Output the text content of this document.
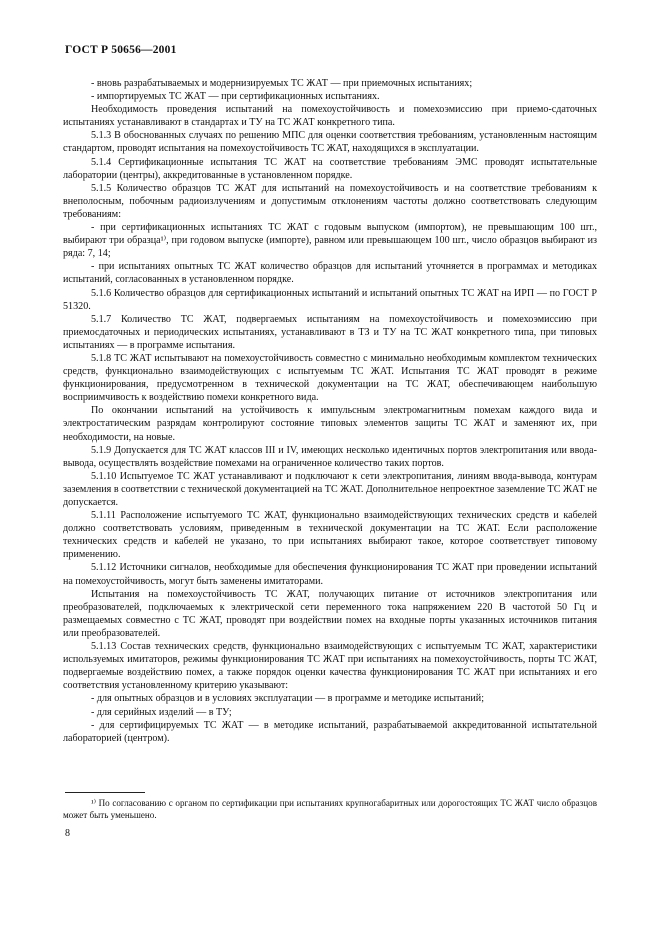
ГОСТ Р 50656—2001

- вновь разрабатываемых и модернизируемых ТС ЖАТ — при приемочных испытаниях;

- импортируемых ТС ЖАТ — при сертификационных испытаниях.

Необходимость проведения испытаний на помехоустойчивость и помехоэмиссию при приемо-сдаточных испытаниях устанавливают в стандартах и ТУ на ТС ЖАТ конкретного типа.

5.1.3 В обоснованных случаях по решению МПС для оценки соответствия требованиям, установленным настоящим стандартом, проводят испытания на помехоустойчивость ТС ЖАТ, находящихся в эксплуатации.

5.1.4 Сертификационные испытания ТС ЖАТ на соответствие требованиям ЭМС проводят испытательные лаборатории (центры), аккредитованные в установленном порядке.

5.1.5 Количество образцов ТС ЖАТ для испытаний на помехоустойчивость и на соответствие требованиям к внеполосным, побочным радиоизлучениям и допустимым отклонениям частоты должно соответствовать следующим требованиям:

- при сертификационных испытаниях ТС ЖАТ с годовым выпуском (импортом), не превышающим 100 шт., выбирают три образца¹⁾, при годовом выпуске (импорте), равном или превышающем 100 шт., число образцов выбирают из ряда: 7, 14;

- при испытаниях опытных ТС ЖАТ количество образцов для испытаний уточняется в программах и методиках испытаний, согласованных в установленном порядке.

5.1.6 Количество образцов для сертификационных испытаний и испытаний опытных ТС ЖАТ на ИРП — по ГОСТ Р 51320.

5.1.7 Количество ТС ЖАТ, подвергаемых испытаниям на помехоустойчивость и помехоэмиссию при приемосдаточных и периодических испытаниях, устанавливают в ТЗ и ТУ на ТС ЖАТ конкретного типа, при типовых испытаниях — в программе испытания.

5.1.8 ТС ЖАТ испытывают на помехоустойчивость совместно с минимально необходимым комплектом технических средств, функционально взаимодействующих с испытуемым ТС ЖАТ. Испытания ТС ЖАТ проводят в режиме функционирования, предусмотренном в технической документации на ТС ЖАТ, обеспечивающем наибольшую восприимчивость к воздействию помехи конкретного вида.

По окончании испытаний на устойчивость к импульсным электромагнитным помехам каждого вида и электростатическим разрядам контролируют состояние типовых элементов защиты ТС ЖАТ и заменяют их, при необходимости, на новые.

5.1.9 Допускается для ТС ЖАТ классов III и IV, имеющих несколько идентичных портов электропитания или ввода-вывода, осуществлять воздействие помехами на ограниченное количество таких портов.

5.1.10 Испытуемое ТС ЖАТ устанавливают и подключают к сети электропитания, линиям ввода-вывода, контурам заземления в соответствии с технической документацией на ТС ЖАТ. Дополнительное непроектное заземление ТС ЖАТ не допускается.

5.1.11 Расположение испытуемого ТС ЖАТ, функционально взаимодействующих технических средств и кабелей должно соответствовать условиям, приведенным в технической документации на ТС ЖАТ. Если расположение технических средств и кабелей не указано, то при испытаниях выбирают такое, которое соответствует типовому применению.

5.1.12 Источники сигналов, необходимые для обеспечения функционирования ТС ЖАТ при проведении испытаний на помехоустойчивость, могут быть заменены имитаторами.

Испытания на помехоустойчивость ТС ЖАТ, получающих питание от источников электропитания или преобразователей, подключаемых к электрической сети переменного тока напряжением 220 В частотой 50 Гц и размещаемых совместно с ТС ЖАТ, проводят при воздействии помех на входные порты указанных источников питания или преобразователей.

5.1.13 Состав технических средств, функционально взаимодействующих с испытуемым ТС ЖАТ, характеристики используемых имитаторов, режимы функционирования ТС ЖАТ при испытаниях на помехоустойчивость, порты ТС ЖАТ, подвергаемые воздействию помех, а также порядок оценки качества функционирования ТС ЖАТ при испытаниях и его соответствия установленному критерию указывают:

- для опытных образцов и в условиях эксплуатации — в программе и методике испытаний;

- для серийных изделий — в ТУ;

- для сертифицируемых ТС ЖАТ — в методике испытаний, разрабатываемой аккредитованной испытательной лабораторией (центром).

¹⁾ По согласованию с органом по сертификации при испытаниях крупногабаритных или дорогостоящих ТС ЖАТ число образцов может быть уменьшено.
8
